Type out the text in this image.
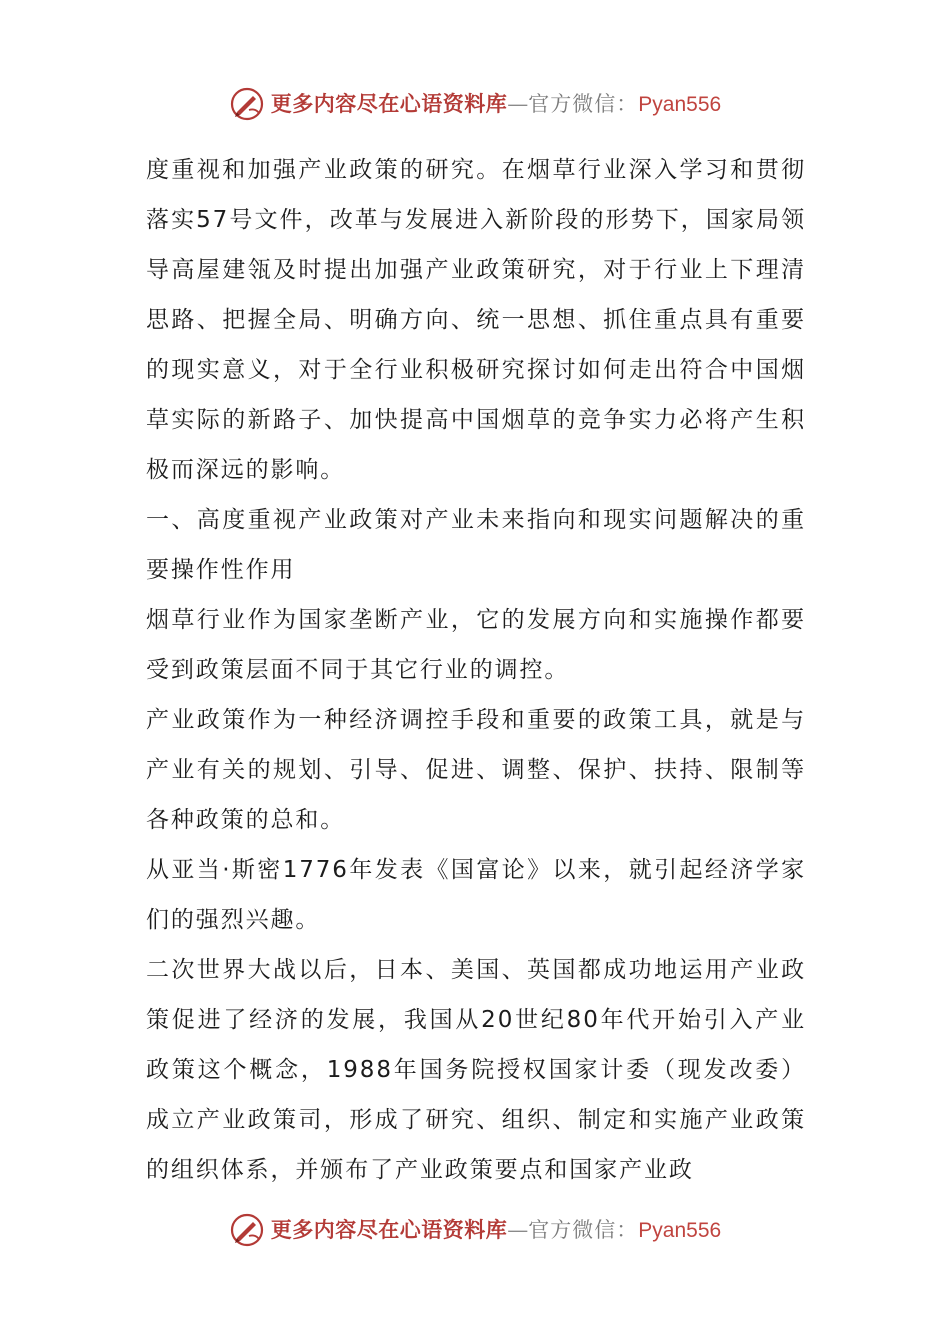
更多内容尽在心语资料库 — 官方微信： Pyan556

度重视和加强产业政策的研究。在烟草行业深入学习和贯彻落实57号文件，改革与发展进入新阶段的形势下，国家局领导高屋建瓴及时提出加强产业政策研究，对于行业上下理清思路、把握全局、明确方向、统一思想、抓住重点具有重要的现实意义，对于全行业积极研究探讨如何走出符合中国烟草实际的新路子、加快提高中国烟草的竞争实力必将产生积极而深远的影响。

一、高度重视产业政策对产业未来指向和现实问题解决的重要操作性作用

烟草行业作为国家垄断产业，它的发展方向和实施操作都要受到政策层面不同于其它行业的调控。

产业政策作为一种经济调控手段和重要的政策工具，就是与产业有关的规划、引导、促进、调整、保护、扶持、限制等各种政策的总和。

从亚当·斯密1776年发表《国富论》以来，就引起经济学家们的强烈兴趣。

二次世界大战以后，日本、美国、英国都成功地运用产业政策促进了经济的发展，我国从20世纪80年代开始引入产业政策这个概念，1988年国务院授权国家计委（现发改委）成立产业政策司，形成了研究、组织、制定和实施产业政策的组织体系，并颁布了产业政策要点和国家产业政

更多内容尽在心语资料库 — 官方微信： Pyan556
